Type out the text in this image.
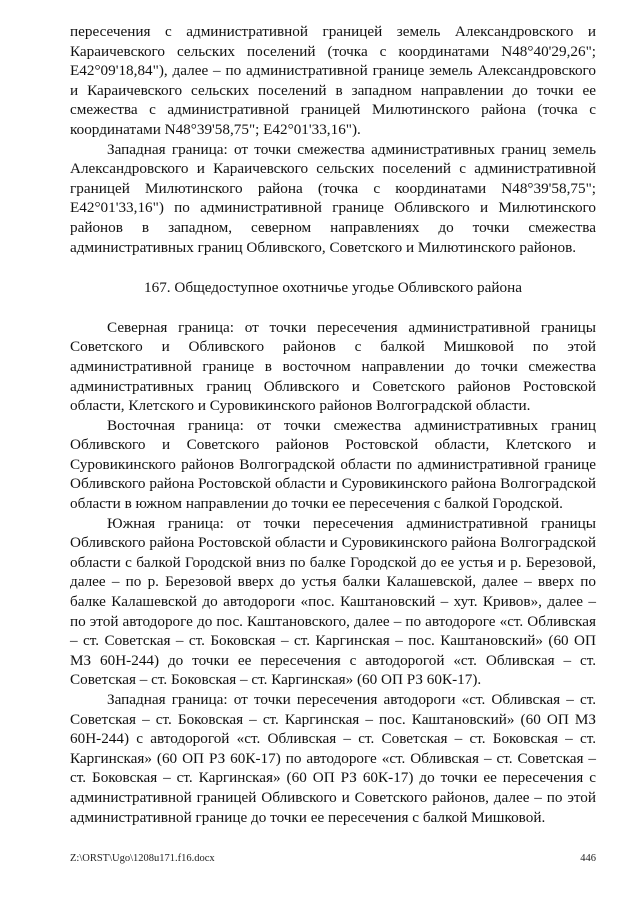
пересечения с административной границей земель Александровского и Караичевского сельских поселений (точка с координатами N48°40'29,26"; E42°09'18,84"), далее – по административной границе земель Александровского и Караичевского сельских поселений в западном направлении до точки ее смежества с административной границей Милютинского района (точка с координатами N48°39'58,75"; E42°01'33,16").

Западная граница: от точки смежества административных границ земель Александровского и Караичевского сельских поселений с административной границей Милютинского района (точка с координатами N48°39'58,75"; E42°01'33,16") по административной границе Обливского и Милютинского районов в западном, северном направлениях до точки смежества административных границ Обливского, Советского и Милютинского районов.

167. Общедоступное охотничье угодье Обливского района

Северная граница: от точки пересечения административной границы Советского и Обливского районов с балкой Мишковой по этой административной границе в восточном направлении до точки смежества административных границ Обливского и Советского районов Ростовской области, Клетского и Суровикинского районов Волгоградской области.

Восточная граница: от точки смежества административных границ Обливского и Советского районов Ростовской области, Клетского и Суровикинского районов Волгоградской области по административной границе Обливского района Ростовской области и Суровикинского района Волгоградской области в южном направлении до точки ее пересечения с балкой Городской.

Южная граница: от точки пересечения административной границы Обливского района Ростовской области и Суровикинского района Волгоградской области с балкой Городской вниз по балке Городской до ее устья и р. Березовой, далее – по р. Березовой вверх до устья балки Калашевской, далее – вверх по балке Калашевской до автодороги «пос. Каштановский – хут. Кривов», далее – по этой автодороге до пос. Каштановского, далее – по автодороге «ст. Обливская – ст. Советская – ст. Боковская – ст. Каргинская – пос. Каштановский» (60 ОП МЗ 60Н-244) до точки ее пересечения с автодорогой «ст. Обливская – ст. Советская – ст. Боковская – ст. Каргинская» (60 ОП РЗ 60К-17).

Западная граница: от точки пересечения автодороги «ст. Обливская – ст. Советская – ст. Боковская – ст. Каргинская – пос. Каштановский» (60 ОП МЗ 60Н-244) с автодорогой «ст. Обливская – ст. Советская – ст. Боковская – ст. Каргинская» (60 ОП РЗ 60К-17) по автодороге «ст. Обливская – ст. Советская – ст. Боковская – ст. Каргинская» (60 ОП РЗ 60К-17) до точки ее пересечения с административной границей Обливского и Советского районов, далее – по этой административной границе до точки ее пересечения с балкой Мишковой.

Z:\ORST\Ugo\1208u171.f16.docx	446
